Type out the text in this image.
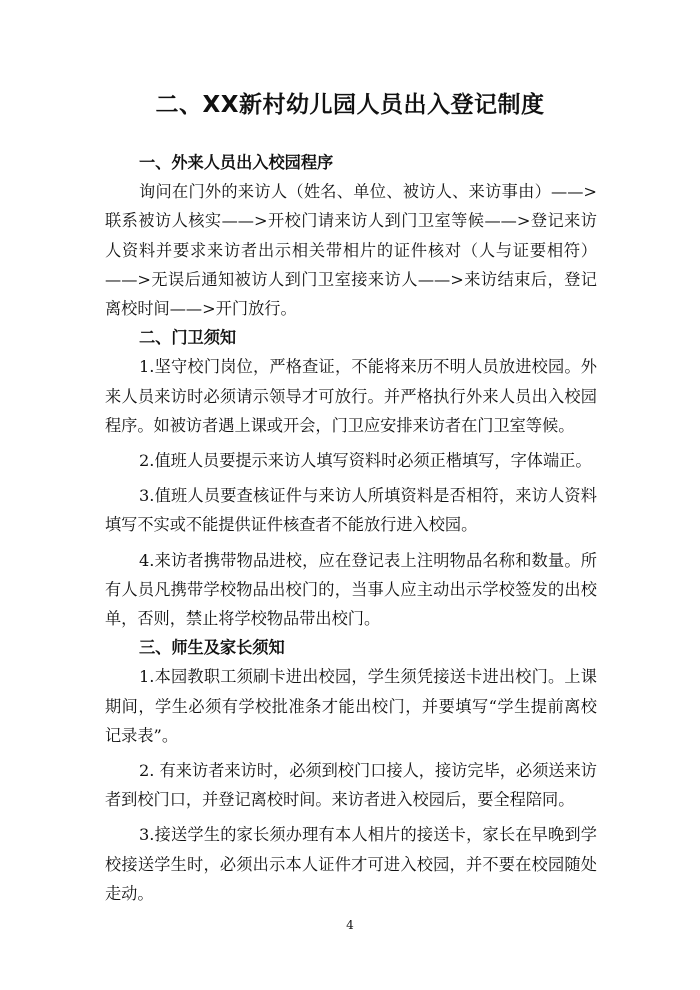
二、XX新村幼儿园人员出入登记制度

一、外来人员出入校园程序

询问在门外的来访人（姓名、单位、被访人、来访事由）——>联系被访人核实——>开校门请来访人到门卫室等候——>登记来访人资料并要求来访者出示相关带相片的证件核对（人与证要相符）——>无误后通知被访人到门卫室接来访人——>来访结束后，登记离校时间——>开门放行。

二、门卫须知

1.坚守校门岗位，严格查证，不能将来历不明人员放进校园。外来人员来访时必须请示领导才可放行。并严格执行外来人员出入校园程序。如被访者遇上课或开会，门卫应安排来访者在门卫室等候。

2.值班人员要提示来访人填写资料时必须正楷填写，字体端正。

3.值班人员要查核证件与来访人所填资料是否相符，来访人资料填写不实或不能提供证件核查者不能放行进入校园。

4.来访者携带物品进校，应在登记表上注明物品名称和数量。所有人员凡携带学校物品出校门的，当事人应主动出示学校签发的出校单，否则，禁止将学校物品带出校门。

三、师生及家长须知

1.本园教职工须刷卡进出校园，学生须凭接送卡进出校门。上课期间，学生必须有学校批准条才能出校门，并要填写“学生提前离校记录表”。

2. 有来访者来访时，必须到校门口接人，接访完毕，必须送来访者到校门口，并登记离校时间。来访者进入校园后，要全程陪同。

3.接送学生的家长须办理有本人相片的接送卡，家长在早晚到学校接送学生时，必须出示本人证件才可进入校园，并不要在校园随处走动。

4
